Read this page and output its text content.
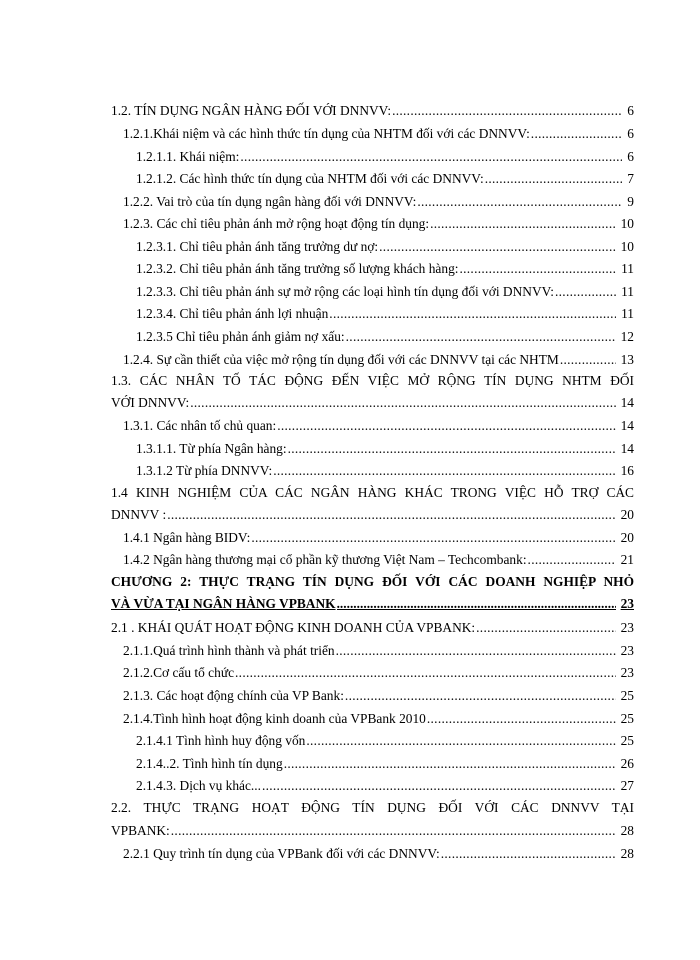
1.2. TÍN DỤNG NGÂN HÀNG ĐỐI VỚI DNNVV: .....	6
1.2.1.Khái niệm và các hình thức tín dụng của NHTM đối với các DNNVV: .....	6
1.2.1.1. Khái niệm: .....	6
1.2.1.2. Các hình thức tín dụng của NHTM đối với các DNNVV: .....	7
1.2.2. Vai trò của tín dụng ngân hàng đối với DNNVV: .....	9
1.2.3. Các chỉ tiêu phản ánh mở rộng hoạt động tín dụng: .....	10
1.2.3.1. Chỉ tiêu phản ánh tăng trưởng dư nợ: .....	10
1.2.3.2. Chỉ tiêu phản ánh tăng trưởng số lượng khách hàng: .....	11
1.2.3.3. Chỉ tiêu phản ánh sự mở rộng các loại hình tín dụng đối với DNNVV: .....	11
1.2.3.4. Chỉ tiêu phản ánh lợi nhuận .....	11
1.2.3.5 Chỉ tiêu phản ánh giảm nợ xấu: .....	12
1.2.4. Sự cần thiết của việc mở rộng tín dụng đối với các DNNVV tại các NHTM .....	13
1.3. CÁC NHÂN TỐ TÁC ĐỘNG ĐẾN VIỆC MỞ RỘNG TÍN DỤNG NHTM ĐỐI
VỚI DNNVV: .....	14
1.3.1. Các nhân tố chủ quan: .....	14
1.3.1.1. Từ phía Ngân hàng: .....	14
1.3.1.2 Từ phía DNNVV: .....	16
1.4 KINH NGHIỆM CỦA CÁC NGÂN HÀNG KHÁC TRONG VIỆC HỖ TRỢ CÁC
DNNVV : .....	20
1.4.1 Ngân hàng BIDV: .....	20
1.4.2 Ngân hàng thương mại cổ phần kỹ thương Việt Nam – Techcombank: .....	21
CHƯƠNG 2: THỰC TRẠNG TÍN DỤNG ĐỐI VỚI CÁC DOANH NGHIỆP NHỎ
VÀ VỪA TẠI NGÂN HÀNG VPBANK .....	23
2.1 . KHÁI QUÁT HOẠT ĐỘNG KINH DOANH CỦA VPBANK: .....	23
2.1.1.Quá trình hình thành và phát triển .....	23
2.1.2.Cơ cấu tổ chức .....	23
2.1.3. Các hoạt động chính của VP Bank: .....	25
2.1.4.Tình hình hoạt động kinh doanh của VPBank 2010 .....	25
2.1.4.1 Tình hình huy động vốn .....	25
2.1.4..2. Tình hình tín dụng .....	26
2.1.4.3. Dịch vụ khác... .....	27
2.2. THỰC TRẠNG HOẠT ĐỘNG TÍN DỤNG ĐỐI VỚI CÁC DNNVV TẠI
VPBANK: .....	28
2.2.1 Quy trình tín dụng của VPBank đối với các DNNVV: .....	28
